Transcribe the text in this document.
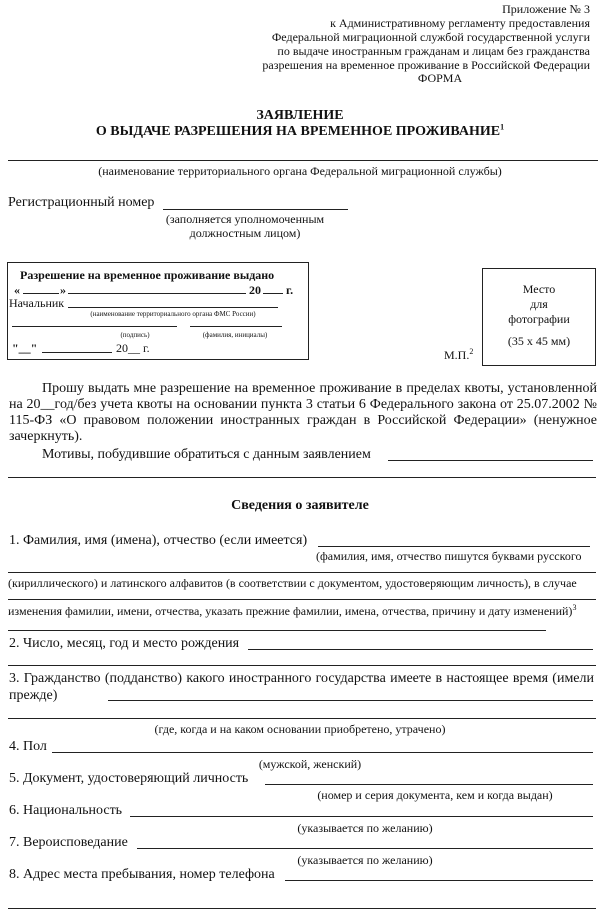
Приложение № 3
к Административному регламенту предоставления
Федеральной миграционной службой государственной услуги
по выдаче иностранным гражданам и лицам без гражданства
разрешения на временное проживание в Российской Федерации
ФОРМА
ЗАЯВЛЕНИЕ
О ВЫДАЧЕ РАЗРЕШЕНИЯ НА ВРЕМЕННОЕ ПРОЖИВАНИЕ$^1$
(наименование территориального органа Федеральной миграционной службы)
Регистрационный номер
(заполняется уполномоченным
должностным лицом)
Разрешение на временное проживание выдано
«	»	20 г.
Начальник
(наименование территориального органа ФМС России)
(подпись)	(фамилия, инициалы)
"__"	20__ г.	М.П.$^2$
Место
для
фотографии
(35 х 45 мм)
Прошу выдать мне разрешение на временное проживание в пределах квоты, установленной на 20__год/без учета квоты на основании пункта 3 статьи 6 Федерального закона от 25.07.2002 № 115-ФЗ «О правовом положении иностранных граждан в Российской Федерации» (ненужное зачеркнуть).
Мотивы, побудившие обратиться с данным заявлением
Сведения о заявителе
1. Фамилия, имя (имена), отчество (если имеется)
(фамилия, имя, отчество пишутся буквами русского
(кириллического) и латинского алфавитов (в соответствии с документом, удостоверяющим личность), в случае
изменения фамилии, имени, отчества, указать прежние фамилии, имена, отчества, причину и дату изменений)$^3$
2. Число, месяц, год и место рождения
3. Гражданство (подданство) какого иностранного государства имеете в настоящее время (имели прежде)
(где, когда и на каком основании приобретено, утрачено)
4. Пол
(мужской, женский)
5. Документ, удостоверяющий личность
(номер и серия документа, кем и когда выдан)
6. Национальность
(указывается по желанию)
7. Вероисповедание
(указывается по желанию)
8. Адрес места пребывания, номер телефона
